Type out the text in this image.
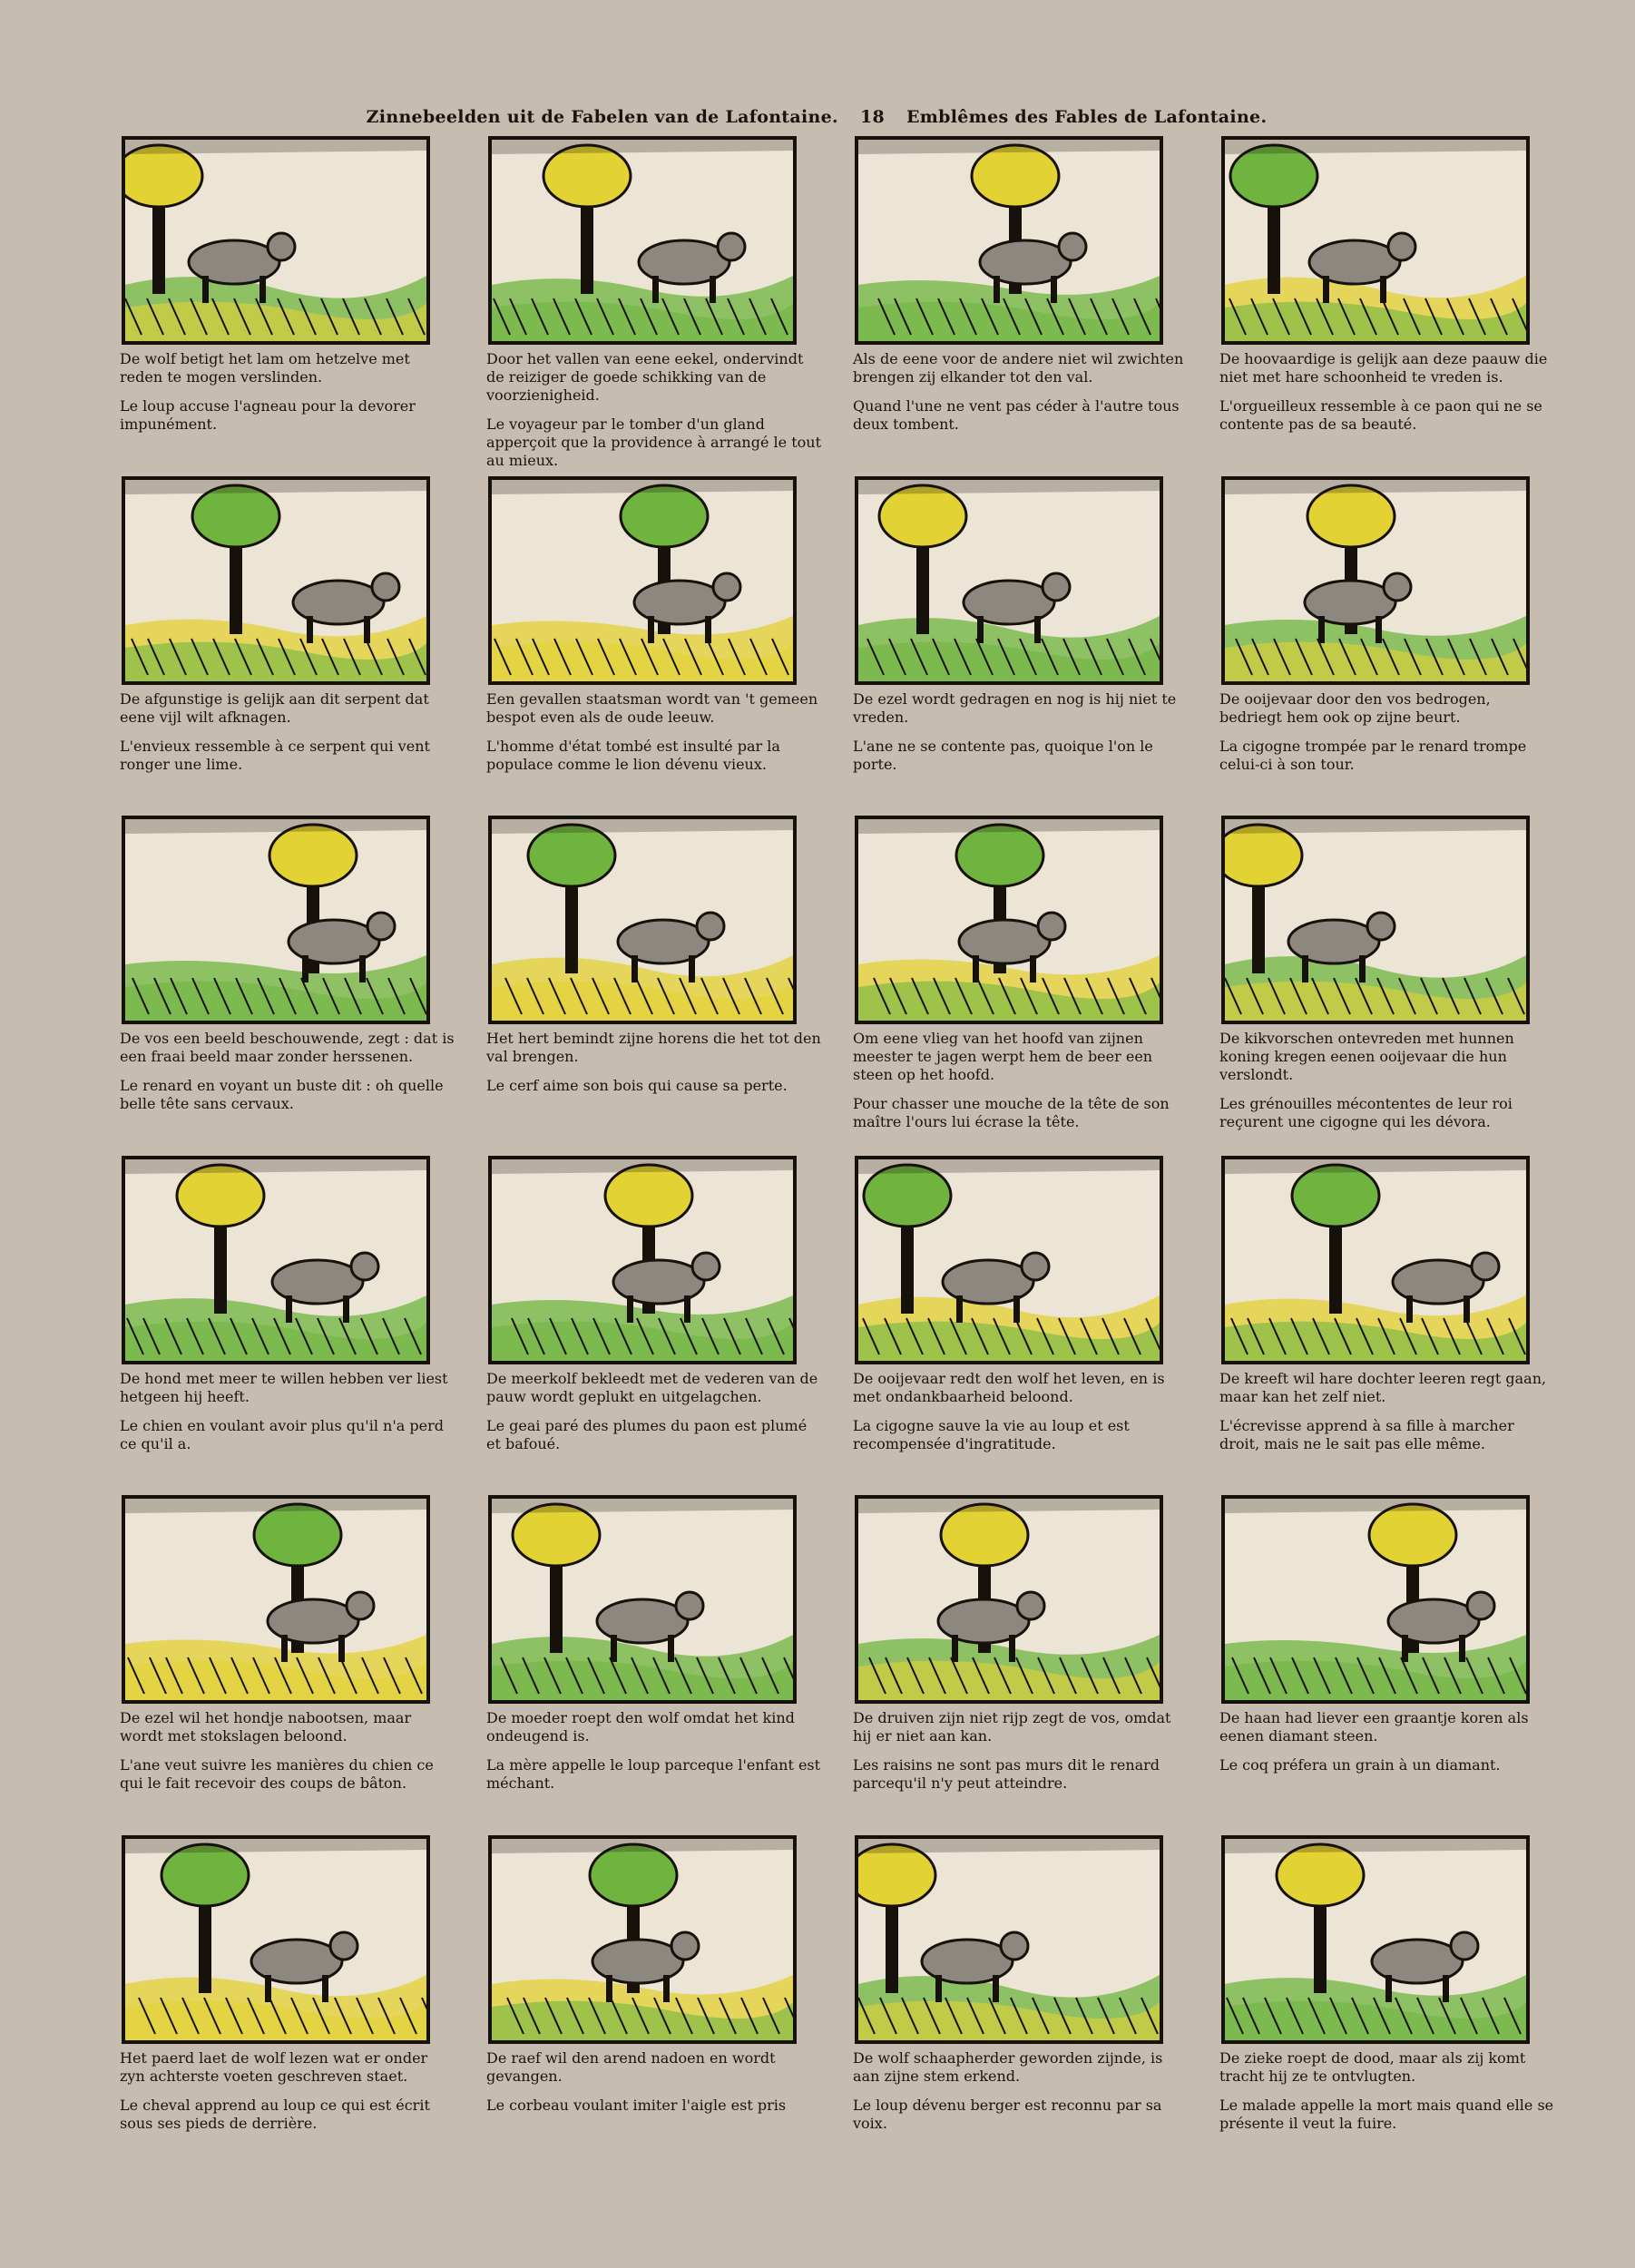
Zinnebeelden uit de Fabelen van de Lafontaine. 18 Emblêmes des Fables de Lafontaine.

De wolf betigt het lam om hetzelve met reden te mogen verslinden.

Le loup accuse l'agneau pour la devorer impunément.

Door het vallen van eene eekel, ondervindt de reiziger de goede schikking van de voorzienigheid.

Le voyageur par le tomber d'un gland apperçoit que la providence à arrangé le tout au mieux.

Als de eene voor de andere niet wil zwichten brengen zij elkander tot den val.

Quand l'une ne vent pas céder à l'autre tous deux tombent.

De hoovaardige is gelijk aan deze paauw die niet met hare schoonheid te vreden is.

L'orgueilleux ressemble à ce paon qui ne se contente pas de sa beauté.

De afgunstige is gelijk aan dit serpent dat eene vijl wilt afknagen.

L'envieux ressemble à ce serpent qui vent ronger une lime.

Een gevallen staatsman wordt van 't gemeen bespot even als de oude leeuw.

L'homme d'état tombé est insulté par la populace comme le lion dévenu vieux.

De ezel wordt gedragen en nog is hij niet te vreden.

L'ane ne se contente pas, quoique l'on le porte.

De ooijevaar door den vos bedrogen, bedriegt hem ook op zijne beurt.

La cigogne trompée par le renard trompe celui-ci à son tour.

De vos een beeld beschouwende, zegt : dat is een fraai beeld maar zonder herssenen.

Le renard en voyant un buste dit : oh quelle belle tête sans cervaux.

Het hert bemindt zijne horens die het tot den val brengen.

Le cerf aime son bois qui cause sa perte.

Om eene vlieg van het hoofd van zijnen meester te jagen werpt hem de beer een steen op het hoofd.

Pour chasser une mouche de la tête de son maître l'ours lui écrase la tête.

De kikvorschen ontevreden met hunnen koning kregen eenen ooijevaar die hun verslondt.

Les grénouilles mécontentes de leur roi reçurent une cigogne qui les dévora.

De hond met meer te willen hebben ver liest hetgeen hij heeft.

Le chien en voulant avoir plus qu'il n'a perd ce qu'il a.

De meerkolf bekleedt met de vederen van de pauw wordt geplukt en uitgelagchen.

Le geai paré des plumes du paon est plumé et bafoué.

De ooijevaar redt den wolf het leven, en is met ondankbaarheid beloond.

La cigogne sauve la vie au loup et est recompensée d'ingratitude.

De kreeft wil hare dochter leeren regt gaan, maar kan het zelf niet.

L'écrevisse apprend à sa fille à marcher droit, mais ne le sait pas elle même.

De ezel wil het hondje nabootsen, maar wordt met stokslagen beloond.

L'ane veut suivre les manières du chien ce qui le fait recevoir des coups de bâton.

De moeder roept den wolf omdat het kind ondeugend is.

La mère appelle le loup parceque l'enfant est méchant.

De druiven zijn niet rijp zegt de vos, omdat hij er niet aan kan.

Les raisins ne sont pas murs dit le renard parcequ'il n'y peut atteindre.

De haan had liever een graantje koren als eenen diamant steen.

Le coq préfera un grain à un diamant.

Het paerd laet de wolf lezen wat er onder zyn achterste voeten geschreven staet.

Le cheval apprend au loup ce qui est écrit sous ses pieds de derrière.

De raef wil den arend nadoen en wordt gevangen.

Le corbeau voulant imiter l'aigle est pris

De wolf schaapherder geworden zijnde, is aan zijne stem erkend.

Le loup dévenu berger est reconnu par sa voix.

De zieke roept de dood, maar als zij komt tracht hij ze te ontvlugten.

Le malade appelle la mort mais quand elle se présente il veut la fuire.
